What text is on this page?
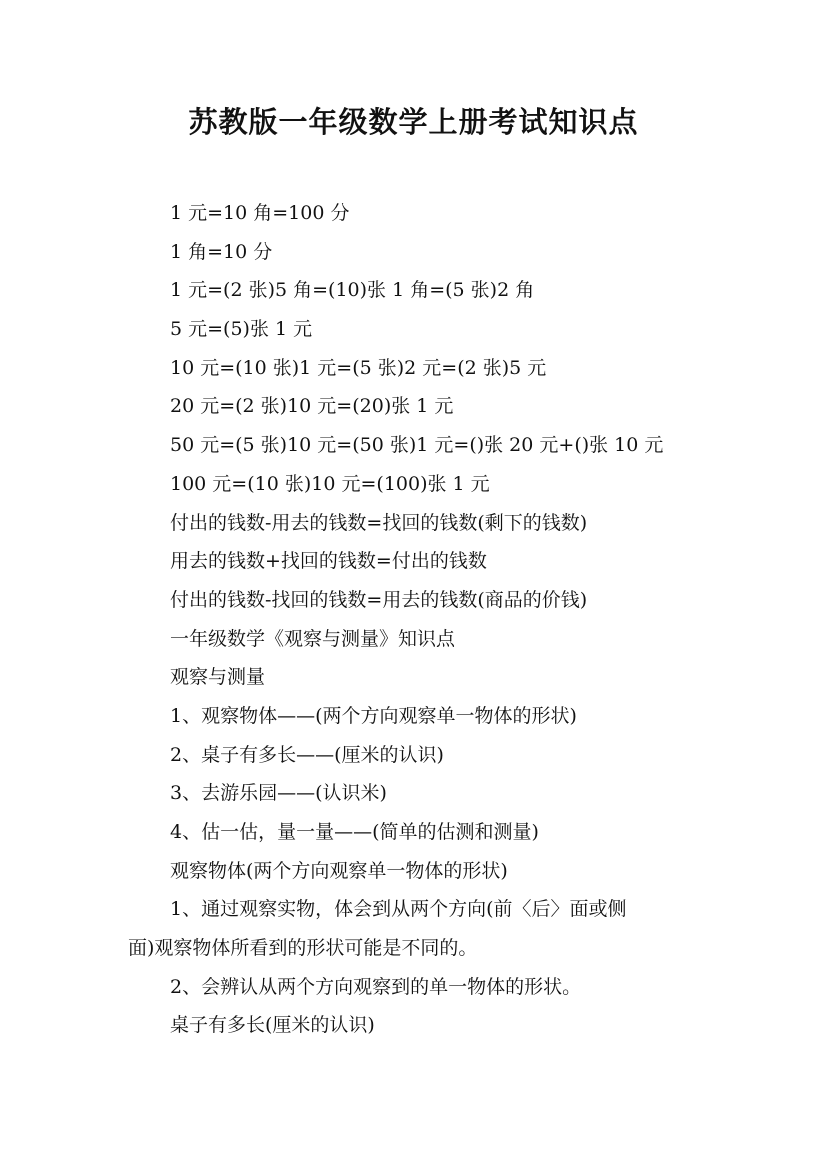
苏教版一年级数学上册考试知识点
1 元=10 角=100 分
1 角=10 分
1 元=(2 张)5 角=(10)张 1 角=(5 张)2 角
5 元=(5)张 1 元
10 元=(10 张)1 元=(5 张)2 元=(2 张)5 元
20 元=(2 张)10 元=(20)张 1 元
50 元=(5 张)10 元=(50 张)1 元=()张 20 元+()张 10 元
100 元=(10 张)10 元=(100)张 1 元
付出的钱数-用去的钱数=找回的钱数(剩下的钱数)
用去的钱数+找回的钱数=付出的钱数
付出的钱数-找回的钱数=用去的钱数(商品的价钱)
一年级数学《观察与测量》知识点
观察与测量
1、观察物体——(两个方向观察单一物体的形状)
2、桌子有多长——(厘米的认识)
3、去游乐园——(认识米)
4、估一估，量一量——(简单的估测和测量)
观察物体(两个方向观察单一物体的形状)
1、通过观察实物，体会到从两个方向(前〈后〉面或侧
面)观察物体所看到的形状可能是不同的。
2、会辨认从两个方向观察到的单一物体的形状。
桌子有多长(厘米的认识)
